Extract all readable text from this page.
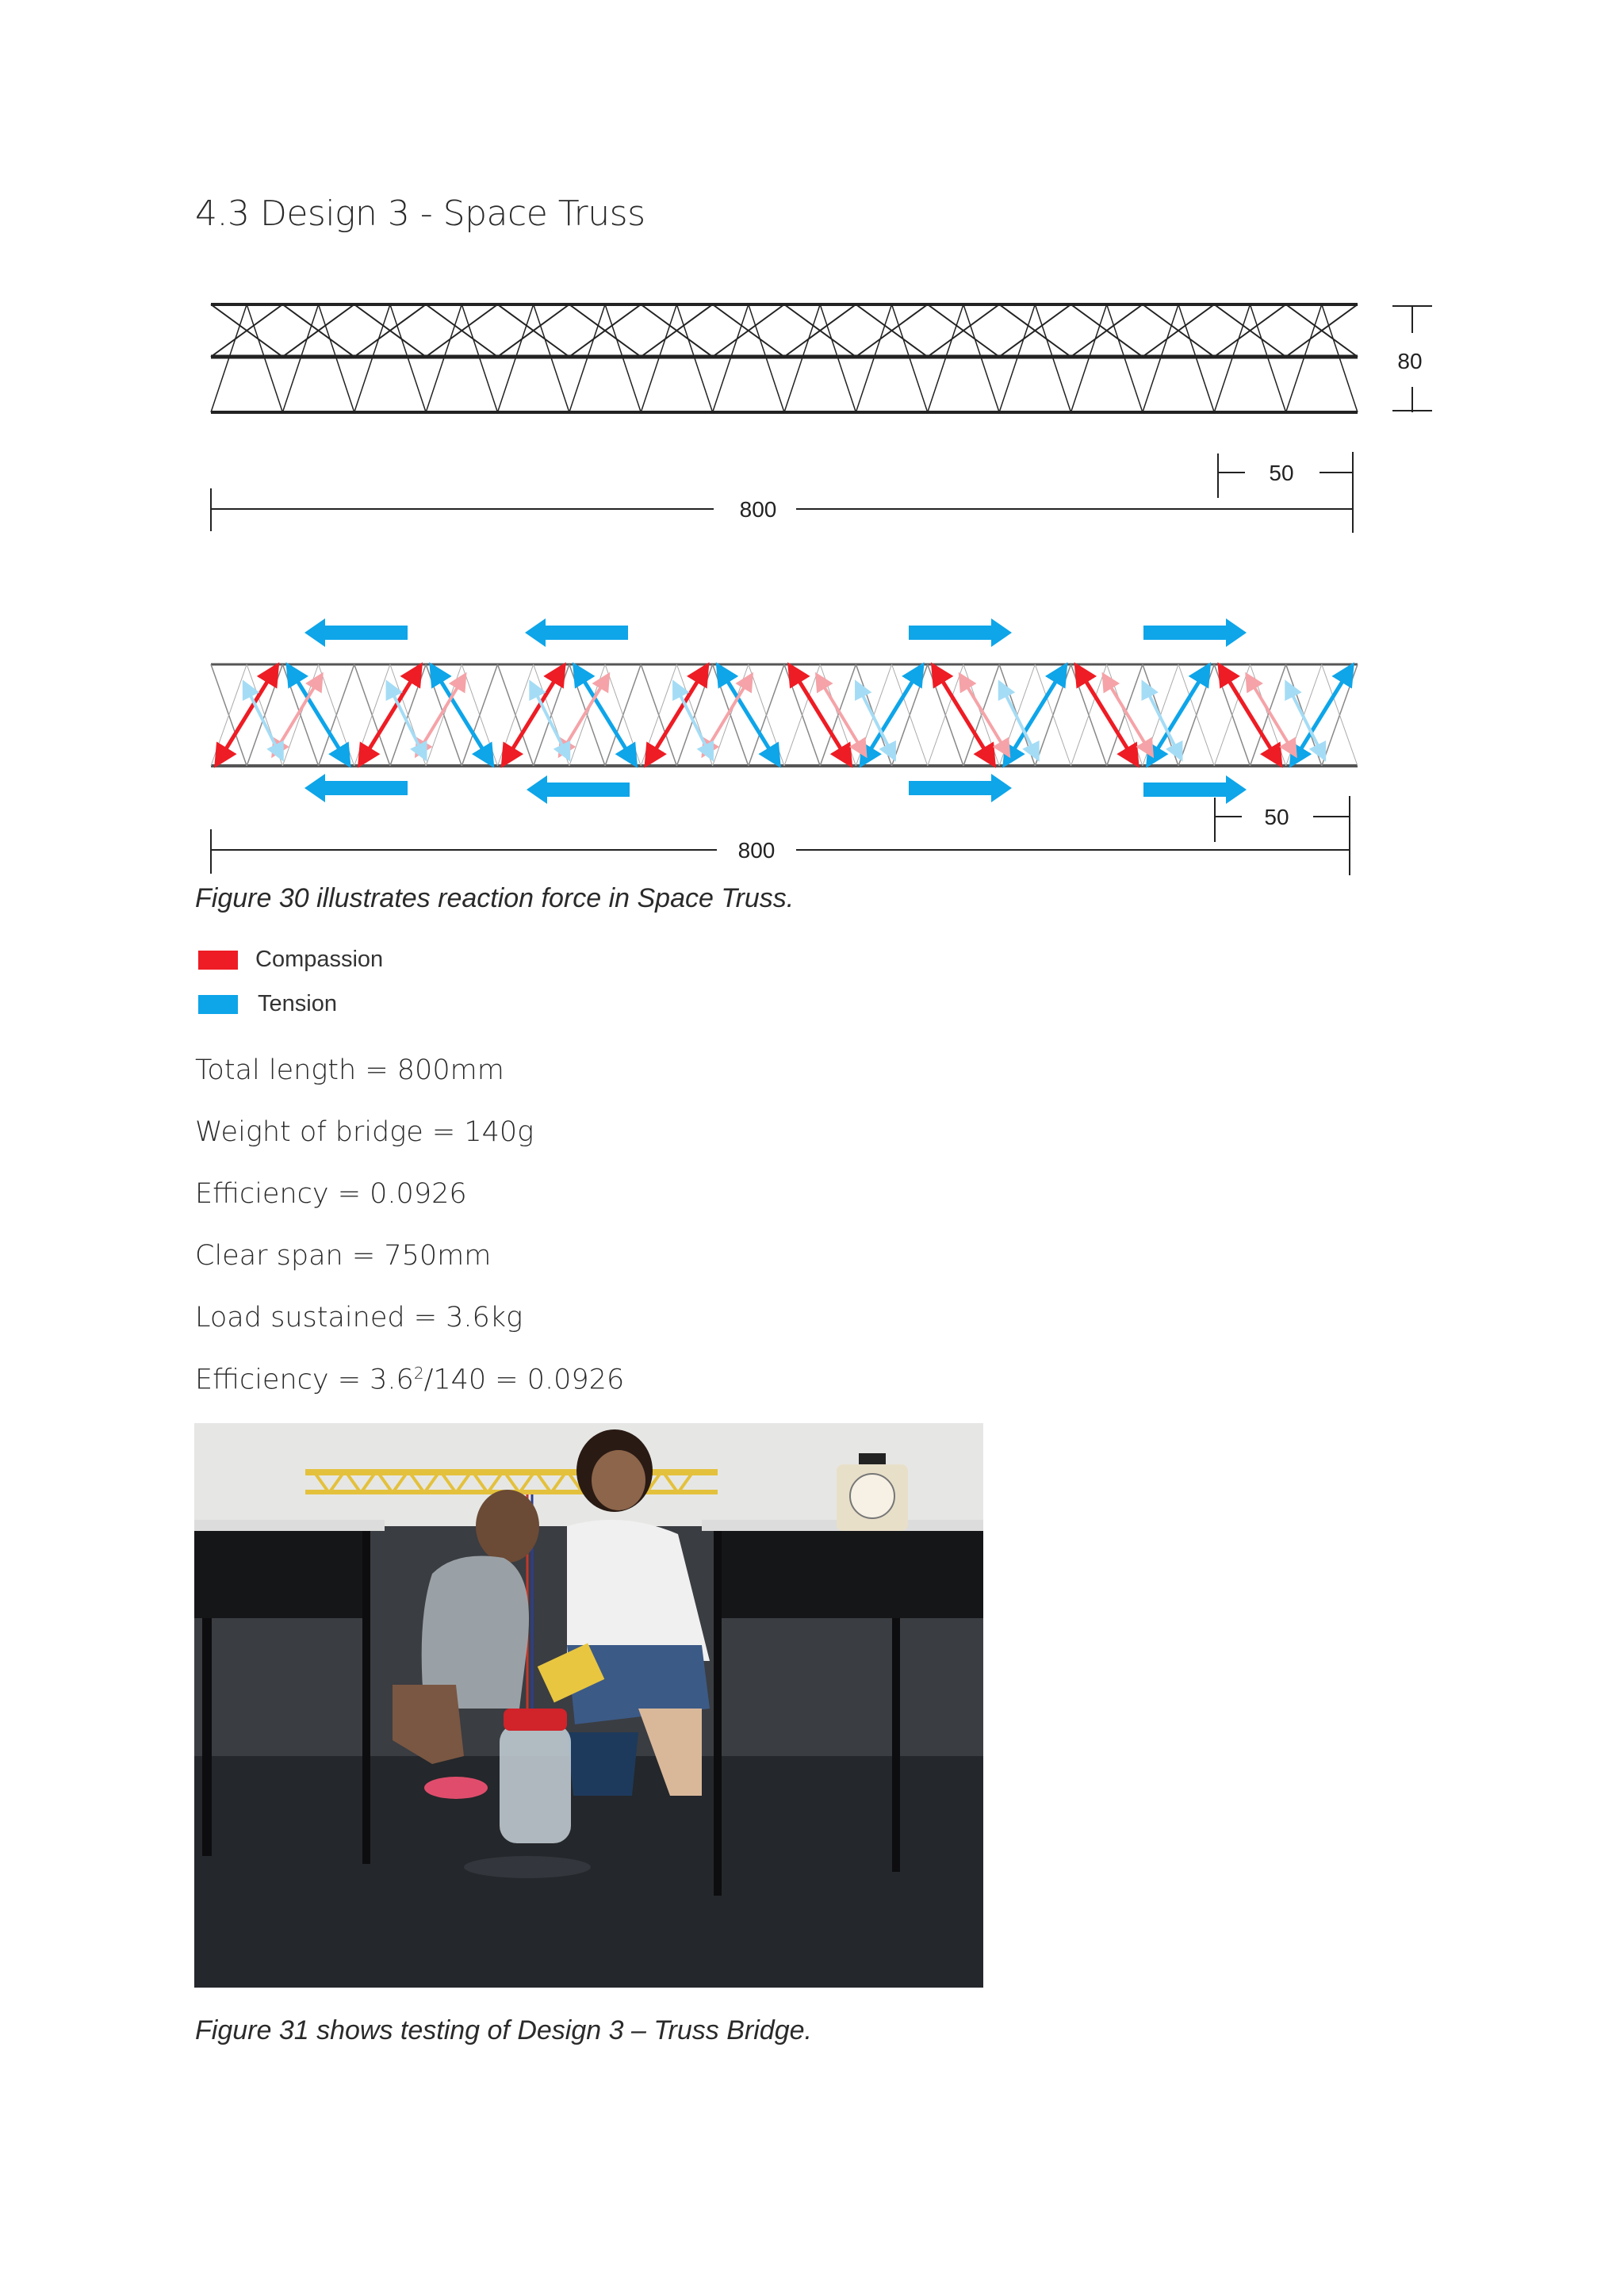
4.3 Design 3 - Space Truss
80
50
800
50
800

Figure 30 illustrates reaction force in Space Truss.

Compassion
Tension

Total length = 800mm

Weight of bridge = 140g

Efficiency = 0.0926

Clear span = 750mm

Load sustained = 3.6kg

Efficiency = $3.6^2/140 = 0.0926$

Figure 31 shows testing of Design 3 – Truss Bridge.
